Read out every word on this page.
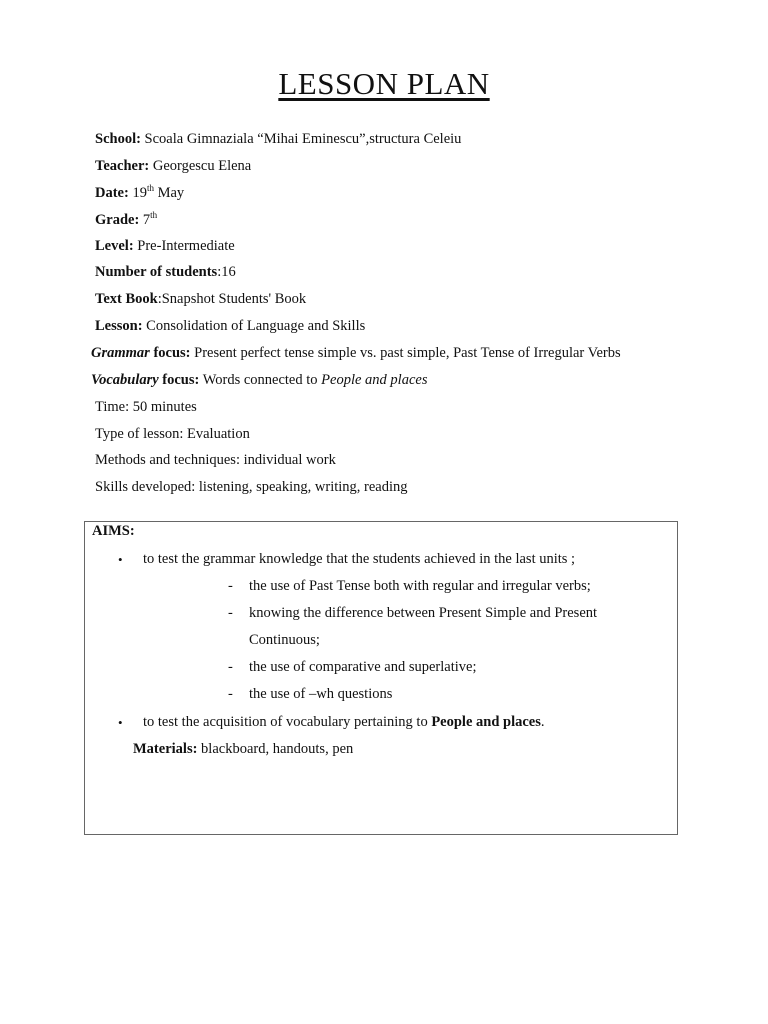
LESSON PLAN
School: Scoala Gimnaziala “Mihai Eminescu”,structura Celeiu
Teacher: Georgescu Elena
Date: 19th May
Grade: 7th
Level: Pre-Intermediate
Number of students:16
Text Book:Snapshot Students' Book
Lesson: Consolidation of Language and Skills
Grammar focus: Present perfect tense simple vs. past simple, Past Tense of Irregular Verbs
Vocabulary focus: Words connected to People and places
Time: 50 minutes
Type of lesson: Evaluation
Methods and techniques: individual work
Skills developed: listening, speaking, writing, reading
AIMS:
• to test the grammar knowledge that the students achieved in the last units ;
- the use of Past Tense both with regular and irregular verbs;
- knowing the difference between Present Simple and Present
Continuous;
- the use of comparative and superlative;
- the use of –wh questions
• to test the acquisition of vocabulary pertaining to People and places.
Materials: blackboard, handouts, pen
